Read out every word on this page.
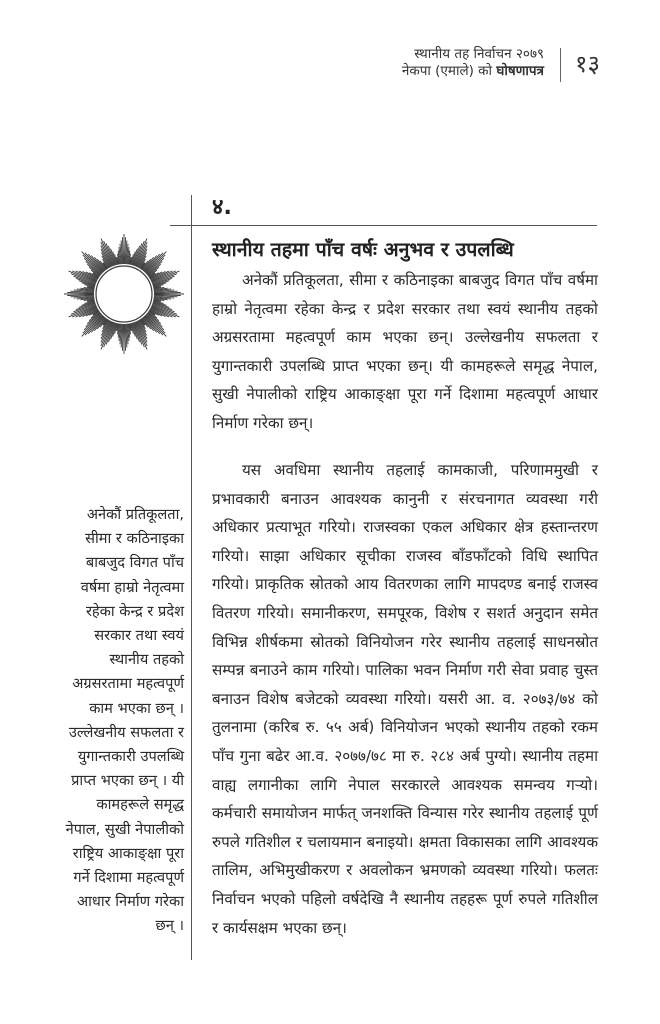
स्थानीय तह निर्वाचन २०७९
नेकपा (एमाले) को घोषणापत्र १३
४.
स्थानीय तहमा पाँच वर्षः अनुभव र उपलब्धि

अनेकौं प्रतिकूलता, सीमा र कठिनाइका बाबजुद विगत पाँच वर्षमा हाम्रो नेतृत्वमा रहेका केन्द्र र प्रदेश सरकार तथा स्वयं स्थानीय तहको अग्रसरतामा महत्वपूर्ण काम भएका छन्। उल्लेखनीय सफलता र युगान्तकारी उपलब्धि प्राप्त भएका छन्। यी कामहरूले समृद्ध नेपाल, सुखी नेपालीको राष्ट्रिय आकाङ्क्षा पूरा गर्ने दिशामा महत्वपूर्ण आधार निर्माण गरेका छन्।

यस अवधिमा स्थानीय तहलाई कामकाजी, परिणाममुखी र प्रभावकारी बनाउन आवश्यक कानुनी र संरचनागत व्यवस्था गरी अधिकार प्रत्याभूत गरियो। राजस्वका एकल अधिकार क्षेत्र हस्तान्तरण गरियो। साझा अधिकार सूचीका राजस्व बाँडफाँटको विधि स्थापित गरियो। प्राकृतिक स्रोतको आय वितरणका लागि मापदण्ड बनाई राजस्व वितरण गरियो। समानीकरण, समपूरक, विशेष र सशर्त अनुदान समेत विभिन्न शीर्षकमा स्रोतको विनियोजन गरेर स्थानीय तहलाई साधनस्रोत सम्पन्न बनाउने काम गरियो। पालिका भवन निर्माण गरी सेवा प्रवाह चुस्त बनाउन विशेष बजेटको व्यवस्था गरियो। यसरी आ. व. २०७३/७४ को तुलनामा (करिब रु. ५५ अर्ब) विनियोजन भएको स्थानीय तहको रकम पाँच गुना बढेर आ.व. २०७७/७८ मा रु. २८४ अर्ब पुग्यो। स्थानीय तहमा वाह्य लगानीका लागि नेपाल सरकारले आवश्यक समन्वय गर्‍यो। कर्मचारी समायोजन मार्फत् जनशक्ति विन्यास गरेर स्थानीय तहलाई पूर्ण रुपले गतिशील र चलायमान बनाइयो। क्षमता विकासका लागि आवश्यक तालिम, अभिमुखीकरण र अवलोकन भ्रमणको व्यवस्था गरियो। फलतः निर्वाचन भएको पहिलो वर्षदेखि नै स्थानीय तहहरू पूर्ण रुपले गतिशील र कार्यसक्षम भएका छन्।

अनेकौं प्रतिकूलता, सीमा र कठिनाइका बाबजुद विगत पाँच वर्षमा हाम्रो नेतृत्वमा रहेका केन्द्र र प्रदेश सरकार तथा स्वयं स्थानीय तहको अग्रसरतामा महत्वपूर्ण काम भएका छन् । उल्लेखनीय सफलता र युगान्तकारी उपलब्धि प्राप्त भएका छन् । यी कामहरूले समृद्ध नेपाल, सुखी नेपालीको राष्ट्रिय आकाङ्क्षा पूरा गर्ने दिशामा महत्वपूर्ण आधार निर्माण गरेका छन् ।
